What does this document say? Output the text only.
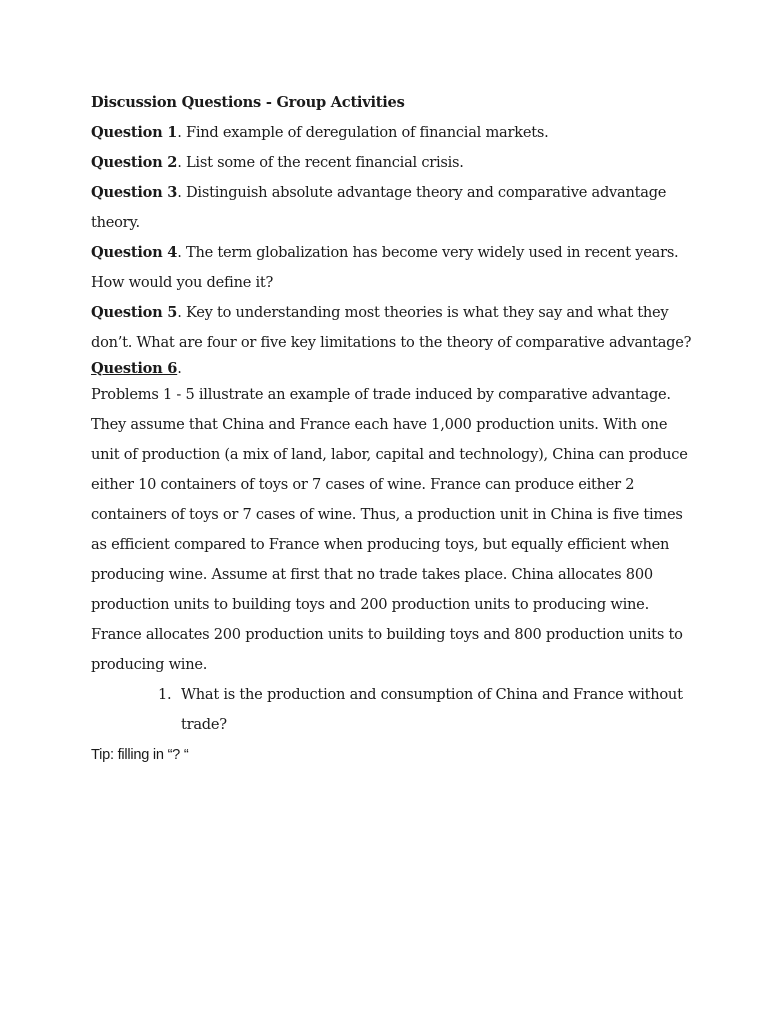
Discussion Questions - Group Activities
Question 1. Find example of deregulation of financial markets.
Question 2. List some of the recent financial crisis.
Question 3. Distinguish absolute advantage theory and comparative advantage
theory.
Question 4. The term globalization has become very widely used in recent years.
How would you define it?
Question 5. Key to understanding most theories is what they say and what they
don’t. What are four or five key limitations to the theory of comparative advantage?
Question 6.
Problems 1 - 5 illustrate an example of trade induced by comparative advantage.
They assume that China and France each have 1,000 production units. With one
unit of production (a mix of land, labor, capital and technology), China can produce
either 10 containers of toys or 7 cases of wine. France can produce either 2
containers of toys or 7 cases of wine. Thus, a production unit in China is five times
as efficient compared to France when producing toys, but equally efficient when
producing wine. Assume at first that no trade takes place. China allocates 800
production units to building toys and 200 production units to producing wine.
France allocates 200 production units to building toys and 800 production units to
producing wine.
1. What is the production and consumption of China and France without
trade?
Tip: filling in “? “
